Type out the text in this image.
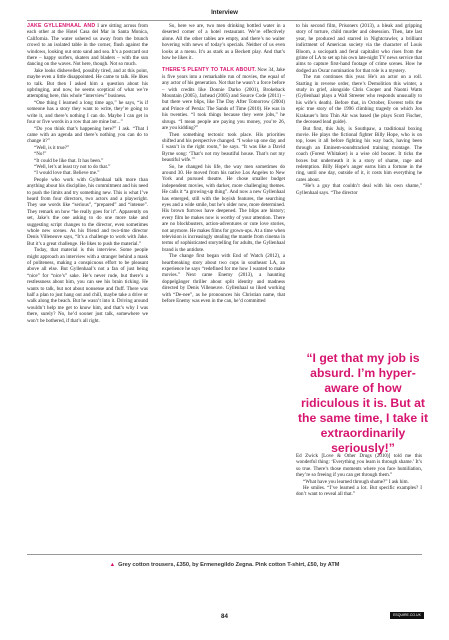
Interview

JAKE GYLLENHAAL AND I are sitting across from each other at the Hotel Casa del Mar in Santa Monica, California. The water ushered us away from the brunch crowd to an isolated table in the corner, flush against the windows, looking out onto sand and sea. It’s a postcard out there – happy surfers, skaters and bladers – with the sun dancing on the waves. Not here, though. Not so much.

Jake looks dishevelled, possibly tired, and at this point, maybe even a little disappointed. He came to talk. He likes to talk. But then I asked him a question about his upbringing, and now, he seems sceptical of what we’re attempting here, this whole “interview” business.

“One thing I learned a long time ago,” he says, “is if someone has a story they want to write, they’re going to write it, and there’s nothing I can do. Maybe I can get in four or five words in a row that are mine but...”

“Do you think that’s happening here?” I ask. “That I came with an agenda and there’s nothing you can do to change it?”

“Well, is it true?”

“No!”

“It could be like that. It has been.”

“Well, let’s at least try not to do that.”

“I would love that. Believe me.”

People who work with Gyllenhaal talk more than anything about his discipline, his commitment and his need to push the limits and try something new. This is what I’ve heard from four directors, two actors and a playwright. They use words like “serious”, “prepared” and “intense”. They remark on how “he really goes for it”. Apparently on set, Jake’s the one asking to do one more take and suggesting script changes to the director, even sometimes whole new scenes. As his friend and two-time director Denis Villeneuve says, “It’s a challenge to work with Jake. But it’s a great challenge. He likes to push the material.”

Today, that material is this interview. Some people might approach an interview with a stranger behind a mask of politeness, making a conspicuous effort to be pleasant above all else. But Gyllenhaal’s not a fan of just being “nice” for “nice’s” sake. He’s never rude, but there’s a restlessness about him, you can see his brain ticking. He wants to talk, but not about nonsense and fluff. There was half a plan to just hang out and chill, maybe take a drive or walk along the beach. But he wasn’t into it. Driving around wouldn’t help me get to know him, and that’s why I was there, surely? No, he’d sooner just talk, somewhere we won’t be bothered, if that’s all right.

So, here we are, two men drinking bottled water in a deserted corner of a hotel restaurant. We’re effectively alone. All the other tables are empty, and there’s no waiter hovering with news of today’s specials. Neither of us even looks at a menu. It’s as stark as a Beckett play. And that’s how he likes it.

THERE’S PLENTY TO TALK ABOUT. Now 34, Jake is five years into a remarkable run of movies, the equal of any actor of his generation. Not that he wasn’t a force before – with credits like Donnie Darko (2001), Brokeback Mountain (2005), Jarhead (2005) and Source Code (2011) – but there were blips, like The Day After Tomorrow (2004) and Prince of Persia: The Sands of Time (2010). He was in his twenties. “I took things because they were jobs,” he shrugs. “I mean people are paying you money, you’re 26, are you kidding?”

Then something tectonic took place. His priorities shifted and his perspective changed. “I woke up one day and I wasn’t in the right room,” he says. “It was like a David Byrne song: ‘That’s not my beautiful house. That’s not my beautiful wife.’”

So, he changed his life, the way men sometimes do around 30. He moved from his native Los Angeles to New York and pursued theatre. He chose smaller budget independent movies, with darker, more challenging themes. He calls it “a growing-up thing”. And now a new Gyllenhaal has emerged, still with the boyish features, the searching eyes and a wide smile, but he’s older now, more determined. His brown furrows have deepened. The blips are history; every film he makes now is worthy of your attention. There are no blockbusters, action-adventures or cute love stories, not anymore. He makes films for grown-ups. At a time when television is increasingly stealing the mantle from cinema in terms of sophisticated storytelling for adults, the Gyllenhaal brand is the antidote.

The change first began with End of Watch (2012), a heartbreaking story about two cops in southeast LA, an experience he says “redefined for me how I wanted to make movies.” Next came Enemy (2013), a haunting doppelgänger thriller about split identity and madness directed by Denis Villeneuve. Gyllenhaal so liked working with “De-nee”, as he pronounces his Christian name, that before Enemy was even in the can, he’d committed

to his second film, Prisoners (2013), a bleak and gripping story of torture, child murder and obsession. Then, late last year, he produced and starred in Nightcrawler, a brilliant indictment of American society via the character of Louis Bloom, a sociopath and feral capitalist who rises from the grime of LA to set up his own late-night TV news service that aims to capture first-hand footage of crime scenes. How he dodged an Oscar nomination for that role is a mystery.

The run continues this year. He’s an actor on a roll. Starting in reverse order, there’s Demolition this winter, a study in grief, alongside Chris Cooper and Naomi Watts (Gyllenhaal plays a Wall Streeter who responds unusually to his wife’s death). Before that, in October, Everest tells the epic true story of the 1996 climbing tragedy on which Jon Krakauer’s Into Thin Air was based (he plays Scott Fischer, the deceased lead guide).

But first, this July, is Southpaw, a traditional boxing movie. He plays the fictional fighter Billy Hope, who is on top, loses it all before fighting his way back, having been through an Eminem-soundtracked training montage. The coach (Forest Whitaker) is a wise old boozer. It ticks the boxes but underneath it is a story of shame, rage and redemption. Billy Hope’s anger earns him a fortune in the ring, until one day, outside of it, it costs him everything he cares about.

“He’s a guy that couldn’t deal with his own shame,” Gyllenhaal says. “The director

“I get that my job is absurd. I’m hyper-aware of how ridiculous it is. But at the same time, I take it extraordinarily seriously!”

Ed Zwick [Love & Other Drugs (2010)] told me this wonderful thing: ‘Everything you learn is through shame.’ It’s so true. There’s those moments where you face humiliation, they’re so freeing if you can get through them.”

“What have you learned through shame?” I ask him.

He smiles. “I’ve learned a lot. But specific examples? I don’t want to reveal all that.”

▲ Grey cotton trousers, £350, by Ermenegildo Zegna. Pink cotton T-shirt, £50, by ATM
84	ESQUIRE.CO.UK
